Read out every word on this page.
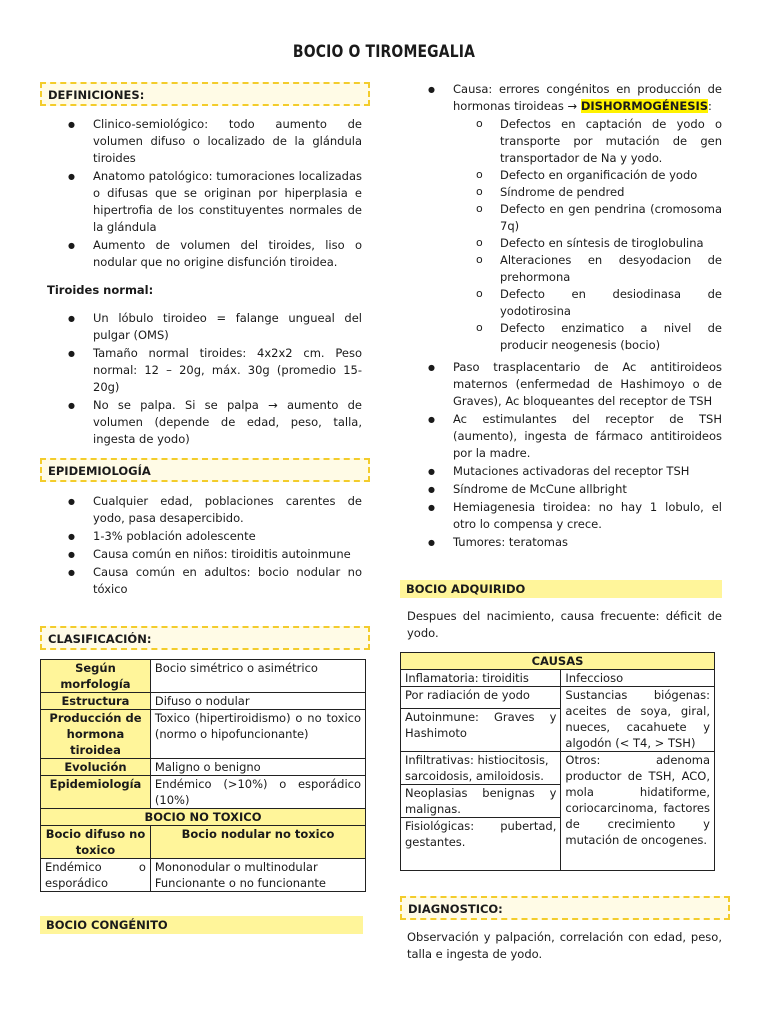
BOCIO O TIROMEGALIA
DEFINICIONES:
● Clinico-semiológico: todo aumento de volumen difuso o localizado de la glándula tiroides
● Anatomo patológico: tumoraciones localizadas o difusas que se originan por hiperplasia e hipertrofia de los constituyentes normales de la glándula
● Aumento de volumen del tiroides, liso o nodular que no origine disfunción tiroidea.
Tiroides normal:
● Un lóbulo tiroideo = falange ungueal del pulgar (OMS)
● Tamaño normal tiroides: 4x2x2 cm. Peso normal: 12 – 20g, máx. 30g (promedio 15-20g)
● No se palpa. Si se palpa → aumento de volumen (depende de edad, peso, talla, ingesta de yodo)
EPIDEMIOLOGÍA
● Cualquier edad, poblaciones carentes de yodo, pasa desapercibido.
● 1-3% población adolescente
● Causa común en niños: tiroiditis autoinmune
● Causa común en adultos: bocio nodular no tóxico
CLASIFICACIÓN:
Según morfología	Bocio simétrico o asimétrico
Estructura	Difuso o nodular
Producción de hormona tiroidea	Toxico (hipertiroidismo) o no toxico (normo o hipofuncionante)
Evolución	Maligno o benigno
Epidemiología	Endémico (>10%) o esporádico (10%)
BOCIO NO TOXICO	
Bocio difuso no toxico	Bocio nodular no toxico
Endémico o esporádico	Mononodular o multinodular Funcionante o no funcionante
BOCIO CONGÉNITO
● Causa: errores congénitos en producción de hormonas tiroideas → DISHORMOGÉNESIS:
o Defectos en captación de yodo o transporte por mutación de gen transportador de Na y yodo.
o Defecto en organificación de yodo
o Síndrome de pendred
o Defecto en gen pendrina (cromosoma 7q)
o Defecto en síntesis de tiroglobulina
o Alteraciones en desyodacion de prehormona
o Defecto en desiodinasa de yodotirosina
o Defecto enzimatico a nivel de producir neogenesis (bocio)
● Paso trasplacentario de Ac antitiroideos maternos (enfermedad de Hashimoyo o de Graves), Ac bloqueantes del receptor de TSH
● Ac estimulantes del receptor de TSH (aumento), ingesta de fármaco antitiroideos por la madre.
● Mutaciones activadoras del receptor TSH
● Síndrome de McCune allbright
● Hemiagenesia tiroidea: no hay 1 lobulo, el otro lo compensa y crece.
● Tumores: teratomas
BOCIO ADQUIRIDO
Despues del nacimiento, causa frecuente: déficit de yodo.
CAUSAS	
Inflamatoria: tiroiditis	Infeccioso
Por radiación de yodo	Sustancias biógenas: aceites de soya, giral, nueces, cacahuete y algodón (< T4, > TSH)
Autoinmune: Graves y Hashimoto	
Infiltrativas: histiocitosis, sarcoidosis, amiloidosis.	Otros: adenoma productor de TSH, ACO, mola hidatiforme, coriocarcinoma, factores de crecimiento y mutación de oncogenes.
Neoplasias benignas y malignas.	
Fisiológicas: pubertad, gestantes.	
DIAGNOSTICO:
Observación y palpación, correlación con edad, peso, talla e ingesta de yodo.
